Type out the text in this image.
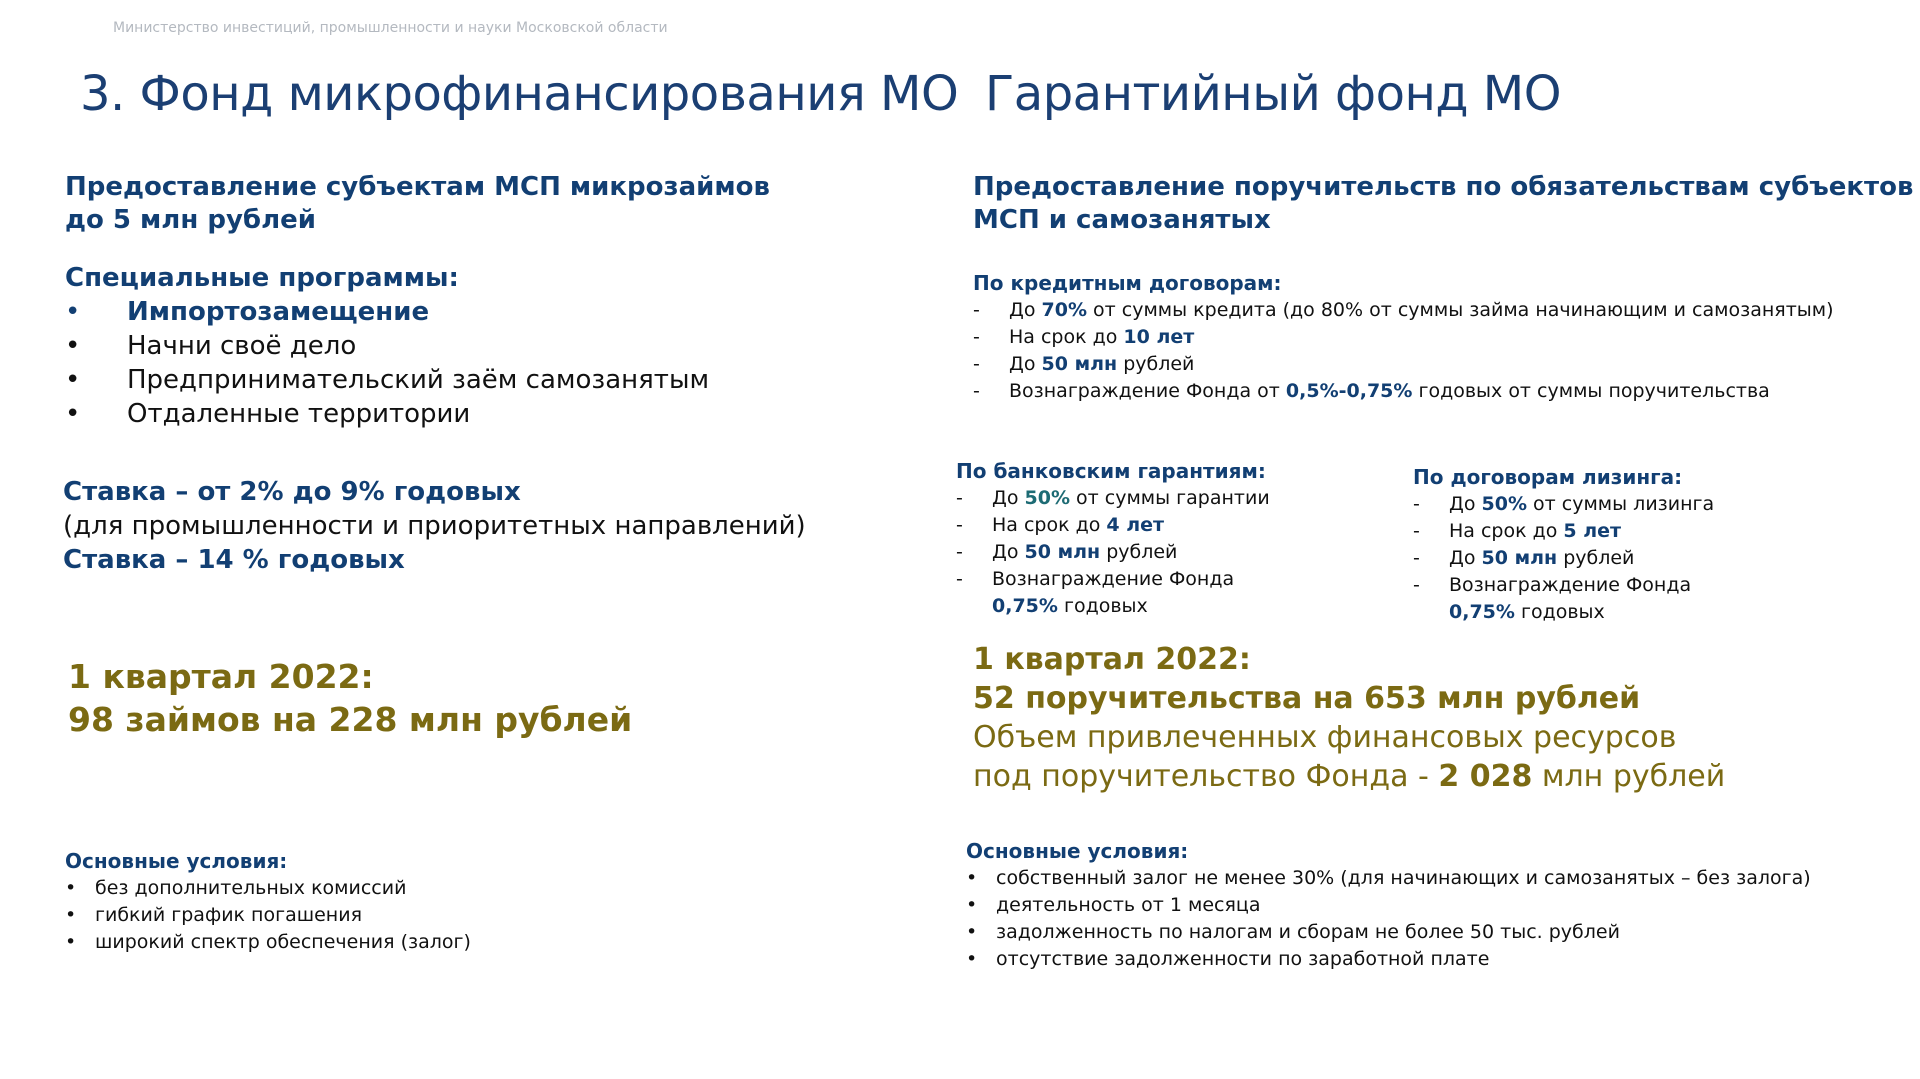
Министерство инвестиций, промышленности и науки Московской области
3. Фонд микрофинансирования МО
Предоставление субъектам МСП микрозаймов
до 5 млн рублей
Специальные программы:
• Импортозамещение
• Начни своё дело
• Предпринимательский заём самозанятым
• Отдаленные территории
Ставка – от 2% до 9% годовых
(для промышленности и приоритетных направлений)
Ставка – 14 % годовых
1 квартал 2022:
98 займов на 228 млн рублей
Основные условия:
• без дополнительных комиссий
• гибкий график погашения
• широкий спектр обеспечения (залог)
Гарантийный фонд МО
Предоставление поручительств по обязательствам субъектов
МСП и самозанятых
По кредитным договорам:
- До 70% от суммы кредита (до 80% от суммы займа начинающим и самозанятым)
- На срок до 10 лет
- До 50 млн рублей
- Вознаграждение Фонда от 0,5%-0,75% годовых от суммы поручительства
По банковским гарантиям:
- До 50% от суммы гарантии
- На срок до 4 лет
- До 50 млн рублей
- Вознаграждение Фонда
0,75% годовых
По договорам лизинга:
- До 50% от суммы лизинга
- На срок до 5 лет
- До 50 млн рублей
- Вознаграждение Фонда
0,75% годовых
1 квартал 2022:
52 поручительства на 653 млн рублей
Объем привлеченных финансовых ресурсов
под поручительство Фонда - 2 028 млн рублей
Основные условия:
• собственный залог не менее 30% (для начинающих и самозанятых – без залога)
• деятельность от 1 месяца
• задолженность по налогам и сборам не более 50 тыс. рублей
• отсутствие задолженности по заработной плате
